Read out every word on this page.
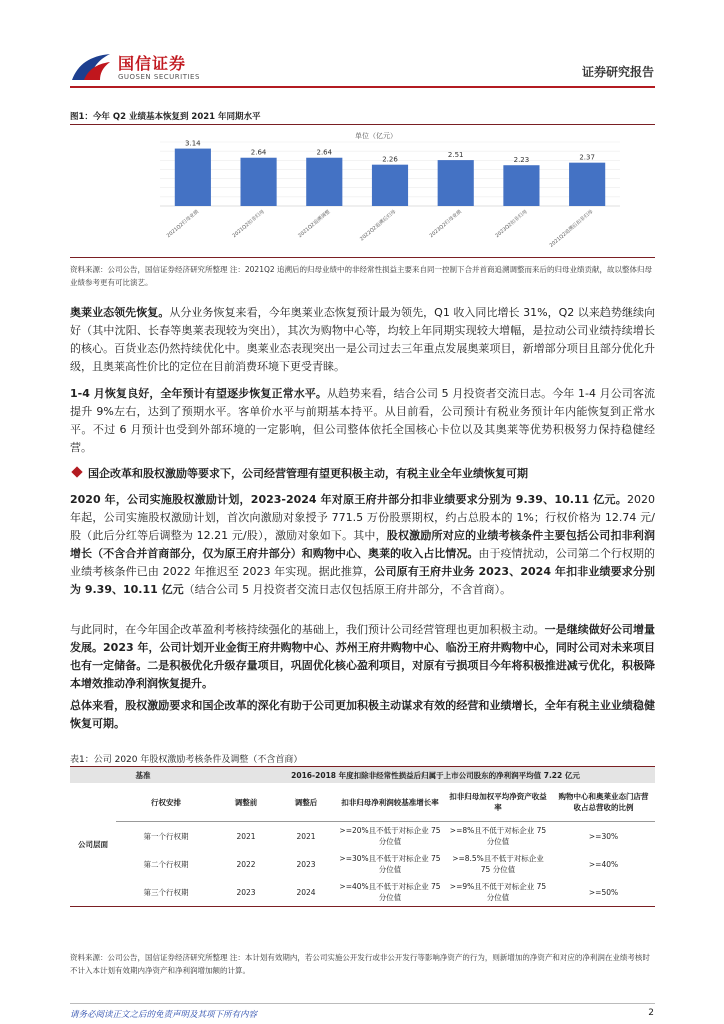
国信证券
GUOSEN SECURITIES	证券研究报告
图1：今年 Q2 业绩基本恢复到 2021 年同期水平
单位（亿元）
3.14
2.64	2.64
2.26
2.51
2.23	2.37
2021Q2归母业绩	2021Q2扣非归母	2021Q2追溯调整	2022Q2追溯后归母	2023Q2归母业绩	2023Q2扣非归母	2021Q2追溯后扣非归母
资料来源：公司公告，国信证券经济研究所整理 注：2021Q2 追溯后的归母业绩中的非经常性损益主要来自同一控制下合并首商追溯调整而来后的归母业绩贡献，故以整体归母业绩参考更有可比演艺。
奥莱业态领先恢复。从分业务恢复来看，今年奥莱业态恢复预计最为领先，Q1 收入同比增长 31%，Q2 以来趋势继续向好（其中沈阳、长春等奥莱表现较为突出），其次为购物中心等，均较上年同期实现较大增幅，是拉动公司业绩持续增长的核心。百货业态仍然持续优化中。奥莱业态表现突出一是公司过去三年重点发展奥莱项目，新增部分项目且部分优化升级，且奥莱高性价比的定位在目前消费环境下更受青睐。
1-4 月恢复良好，全年预计有望逐步恢复正常水平。从趋势来看，结合公司 5 月投资者交流日志。今年 1-4 月公司客流提升 9%左右，达到了预期水平。客单价水平与前期基本持平。从目前看，公司预计有税业务预计年内能恢复到正常水平。不过 6 月预计也受到外部环境的一定影响，但公司整体依托全国核心卡位以及其奥莱等优势积极努力保持稳健经营。
国企改革和股权激励等要求下，公司经营管理有望更积极主动，有税主业全年业绩恢复可期
2020 年，公司实施股权激励计划，2023-2024 年对原王府井部分扣非业绩要求分别为 9.39、10.11 亿元。2020 年起，公司实施股权激励计划，首次向激励对象授予 771.5 万份股票期权，约占总股本的 1%；行权价格为 12.74 元/股（此后分红等后调整为 12.21 元/股），激励对象如下。其中，股权激励所对应的业绩考核条件主要包括公司扣非利润增长（不含合并首商部分，仅为原王府井部分）和购物中心、奥莱的收入占比情况。由于疫情扰动，公司第二个行权期的业绩考核条件已由 2022 年推迟至 2023 年实现。据此推算，公司原有王府井业务 2023、2024 年扣非业绩要求分别为 9.39、10.11 亿元（结合公司 5 月投资者交流日志仅包括原王府井部分，不含首商）。
与此同时，在今年国企改革盈利考核持续强化的基础上，我们预计公司经营管理也更加积极主动。一是继续做好公司增量发展。2023 年，公司计划开业金街王府井购物中心、苏州王府井购物中心、临汾王府井购物中心，同时公司对未来项目也有一定储备。二是积极优化升级存量项目，巩固优化核心盈利项目，对原有亏损项目今年将积极推进减亏优化，积极降本增效推动净利润恢复提升。
总体来看，股权激励要求和国企改革的深化有助于公司更加积极主动谋求有效的经营和业绩增长，全年有税主业业绩稳健恢复可期。
表1：公司 2020 年股权激励考核条件及调整（不含首商）
基准		2016-2018 年度扣除非经常性损益后归属于上市公司股东的净利润平均值 7.22 亿元				
公司层面	行权安排	调整前	调整后	扣非归母净利润较基准增长率	扣非归母加权平均净资产收益率	购物中心和奥莱业态门店营收占总营收的比例
	第一个行权期	2021	2021	>=20%且不低于对标企业 75 分位值	>=8%且不低于对标企业 75 分位值	>=30%
	第二个行权期	2022	2023	>=30%且不低于对标企业 75 分位值	>=8.5%且不低于对标企业 75 分位值	>=40%
	第三个行权期	2023	2024	>=40%且不低于对标企业 75 分位值	>=9%且不低于对标企业 75 分位值	>=50%
资料来源：公司公告，国信证券经济研究所整理 注：本计划有效期内，若公司实施公开发行或非公开发行等影响净资产的行为，则新增加的净资产和对应的净利润在业绩考核时不计入本计划有效期内净资产和净利润增加额的计算。
请务必阅读正文之后的免责声明及其项下所有内容	2
